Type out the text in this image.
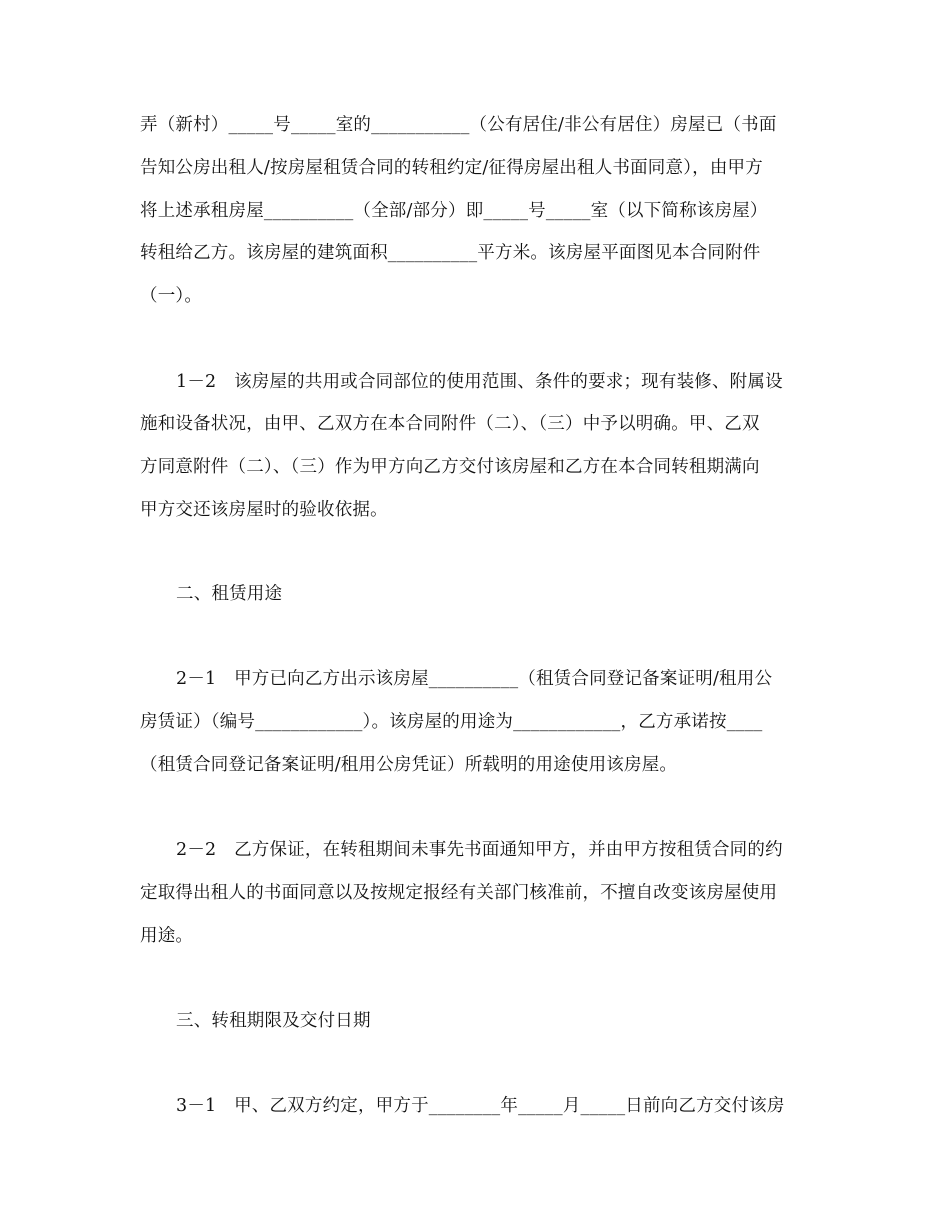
弄（新村）_____号_____室的___________（公有居住/非公有居住）房屋已（书面
告知公房出租人/按房屋租赁合同的转租约定/征得房屋出租人书面同意），由甲方
将上述承租房屋__________（全部/部分）即_____号_____室（以下简称该房屋）
转租给乙方。该房屋的建筑面积__________平方米。该房屋平面图见本合同附件
（一）。
1－2　该房屋的共用或合同部位的使用范围、条件的要求；现有装修、附属设
施和设备状况，由甲、乙双方在本合同附件（二）、（三）中予以明确。甲、乙双
方同意附件（二）、（三）作为甲方向乙方交付该房屋和乙方在本合同转租期满向
甲方交还该房屋时的验收依据。
二、租赁用途
2－1　甲方已向乙方出示该房屋__________（租赁合同登记备案证明/租用公
房赁证）（编号____________）。该房屋的用途为____________，乙方承诺按____
（租赁合同登记备案证明/租用公房凭证）所载明的用途使用该房屋。
2－2　乙方保证，在转租期间未事先书面通知甲方，并由甲方按租赁合同的约
定取得出租人的书面同意以及按规定报经有关部门核准前，不擅自改变该房屋使用
用途。
三、转租期限及交付日期
3－1　甲、乙双方约定，甲方于________年_____月_____日前向乙方交付该房
